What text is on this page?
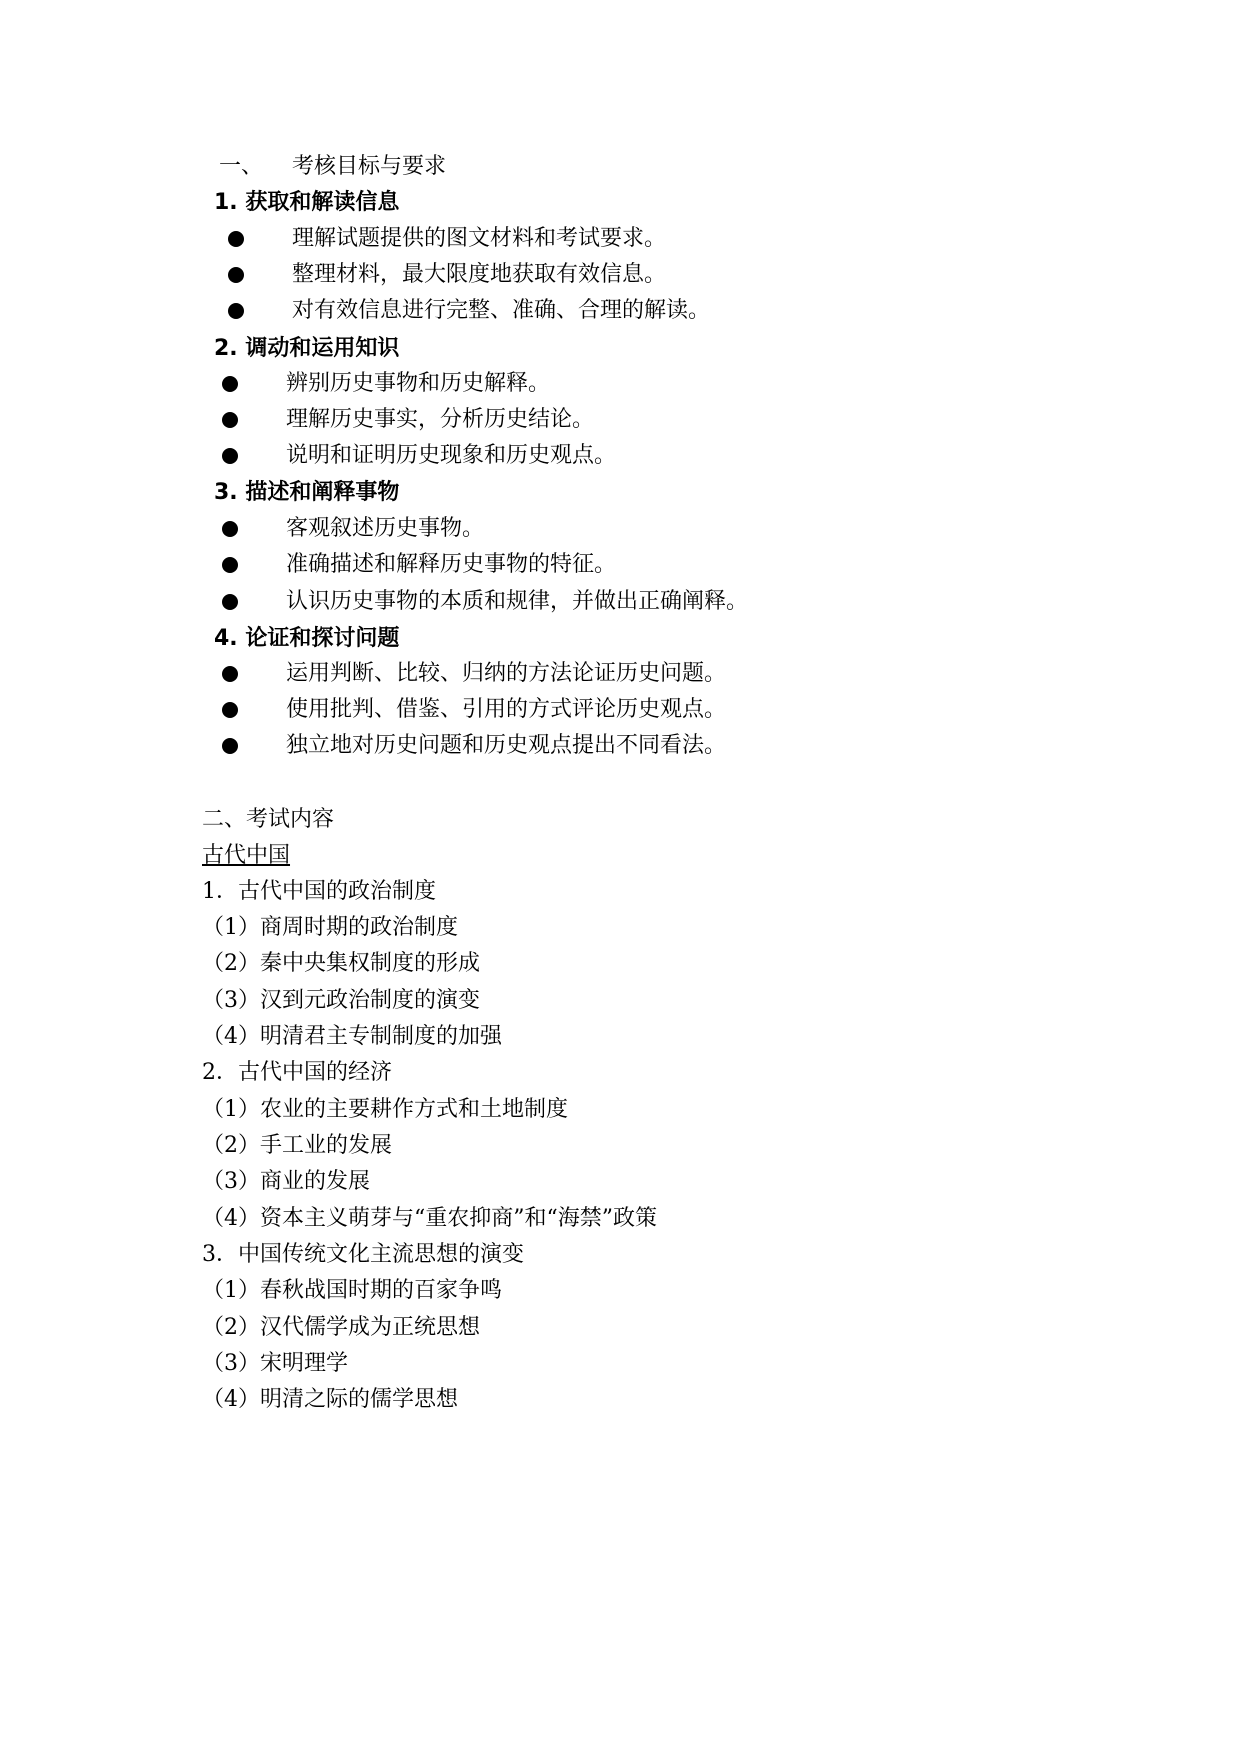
一、 考核目标与要求
1. 获取和解读信息
理解试题提供的图文材料和考试要求。
整理材料，最大限度地获取有效信息。
对有效信息进行完整、准确、合理的解读。
2. 调动和运用知识
辨别历史事物和历史解释。
理解历史事实，分析历史结论。
说明和证明历史现象和历史观点。
3. 描述和阐释事物
客观叙述历史事物。
准确描述和解释历史事物的特征。
认识历史事物的本质和规律，并做出正确阐释。
4. 论证和探讨问题
运用判断、比较、归纳的方法论证历史问题。
使用批判、借鉴、引用的方式评论历史观点。
独立地对历史问题和历史观点提出不同看法。
二、考试内容
古代中国
1．古代中国的政治制度
（1）商周时期的政治制度
（2）秦中央集权制度的形成
（3）汉到元政治制度的演变
（4）明清君主专制制度的加强
2．古代中国的经济
（1）农业的主要耕作方式和土地制度
（2）手工业的发展
（3）商业的发展
（4）资本主义萌芽与“重农抑商”和“海禁”政策
3．中国传统文化主流思想的演变
（1）春秋战国时期的百家争鸣
（2）汉代儒学成为正统思想
（3）宋明理学
（4）明清之际的儒学思想
